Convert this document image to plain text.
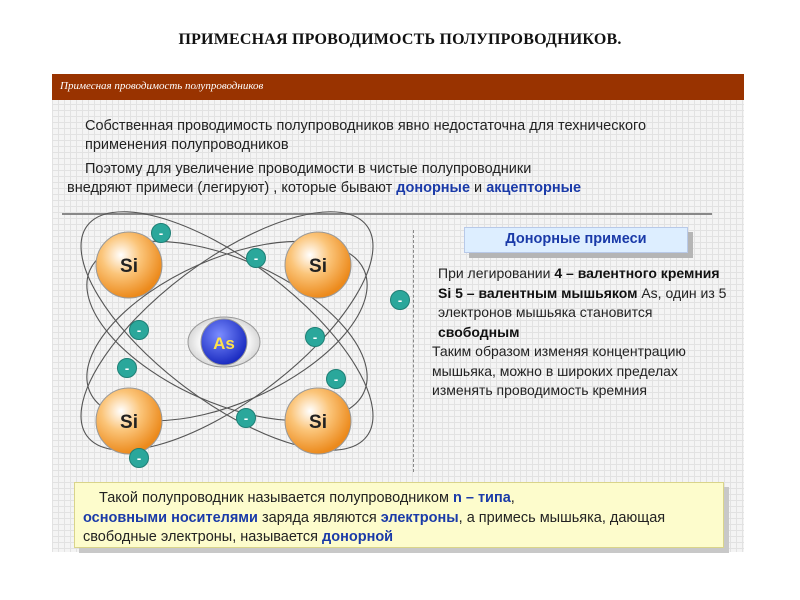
ПРИМЕСНАЯ ПРОВОДИМОСТЬ ПОЛУПРОВОДНИКОВ.
Примесная проводимость полупроводников
Собственная проводимость полупроводников явно недостаточна для технического применения полупроводников
Поэтому для увеличение проводимости в чистые полупроводники
внедряют примеси (легируют) , которые бывают донорные и акцепторные
Si	Si
Si	Si
As
-
-
-	-
-
-
-
-
-
Донорные примеси
При легировании 4 – валентного кремния Si 5 – валентным мышьяком As, один из 5 электронов мышьяка становится свободным
Таким образом изменяя концентрацию мышьяка, можно в широких пределах изменять проводимость кремния
Такой полупроводник называется полупроводником n – типа,
основными носителями заряда являются электроны, а примесь мышьяка, дающая свободные электроны, называется донорной
